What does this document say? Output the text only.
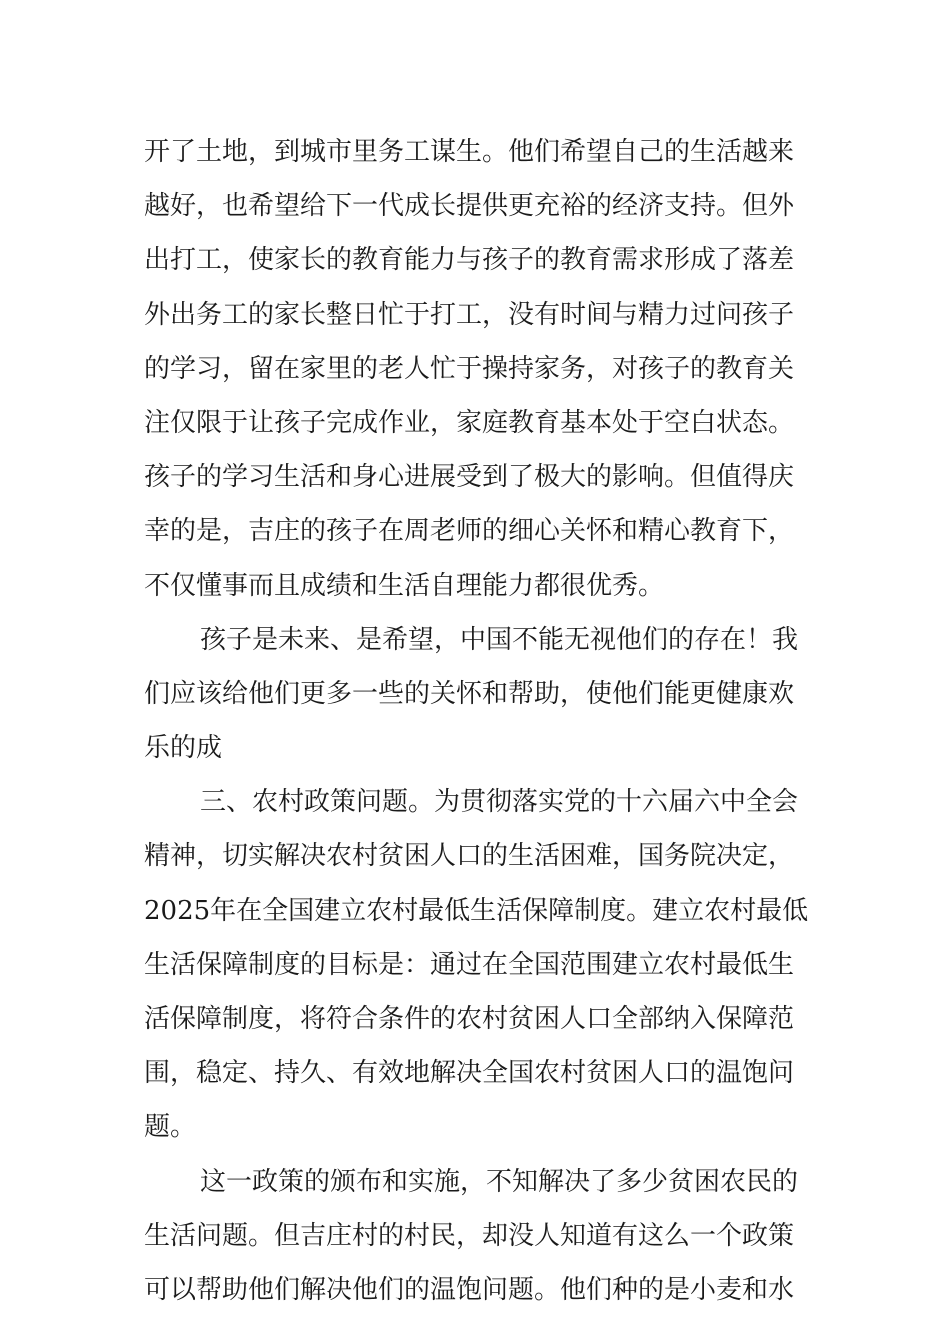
开了土地，到城市里务工谋生。他们希望自己的生活越来
越好，也希望给下一代成长提供更充裕的经济支持。但外
出打工，使家长的教育能力与孩子的教育需求形成了落差
外出务工的家长整日忙于打工，没有时间与精力过问孩子
的学习，留在家里的老人忙于操持家务，对孩子的教育关
注仅限于让孩子完成作业，家庭教育基本处于空白状态。
孩子的学习生活和身心进展受到了极大的影响。但值得庆
幸的是，吉庄的孩子在周老师的细心关怀和精心教育下，
不仅懂事而且成绩和生活自理能力都很优秀。
孩子是未来、是希望，中国不能无视他们的存在！我
们应该给他们更多一些的关怀和帮助，使他们能更健康欢
乐的成
三、农村政策问题。为贯彻落实党的十六届六中全会
精神，切实解决农村贫困人口的生活困难，国务院决定，
2025年在全国建立农村最低生活保障制度。建立农村最低
生活保障制度的目标是：通过在全国范围建立农村最低生
活保障制度，将符合条件的农村贫困人口全部纳入保障范
围，稳定、持久、有效地解决全国农村贫困人口的温饱问
题。
这一政策的颁布和实施，不知解决了多少贫困农民的
生活问题。但吉庄村的村民，却没人知道有这么一个政策
可以帮助他们解决他们的温饱问题。他们种的是小麦和水
